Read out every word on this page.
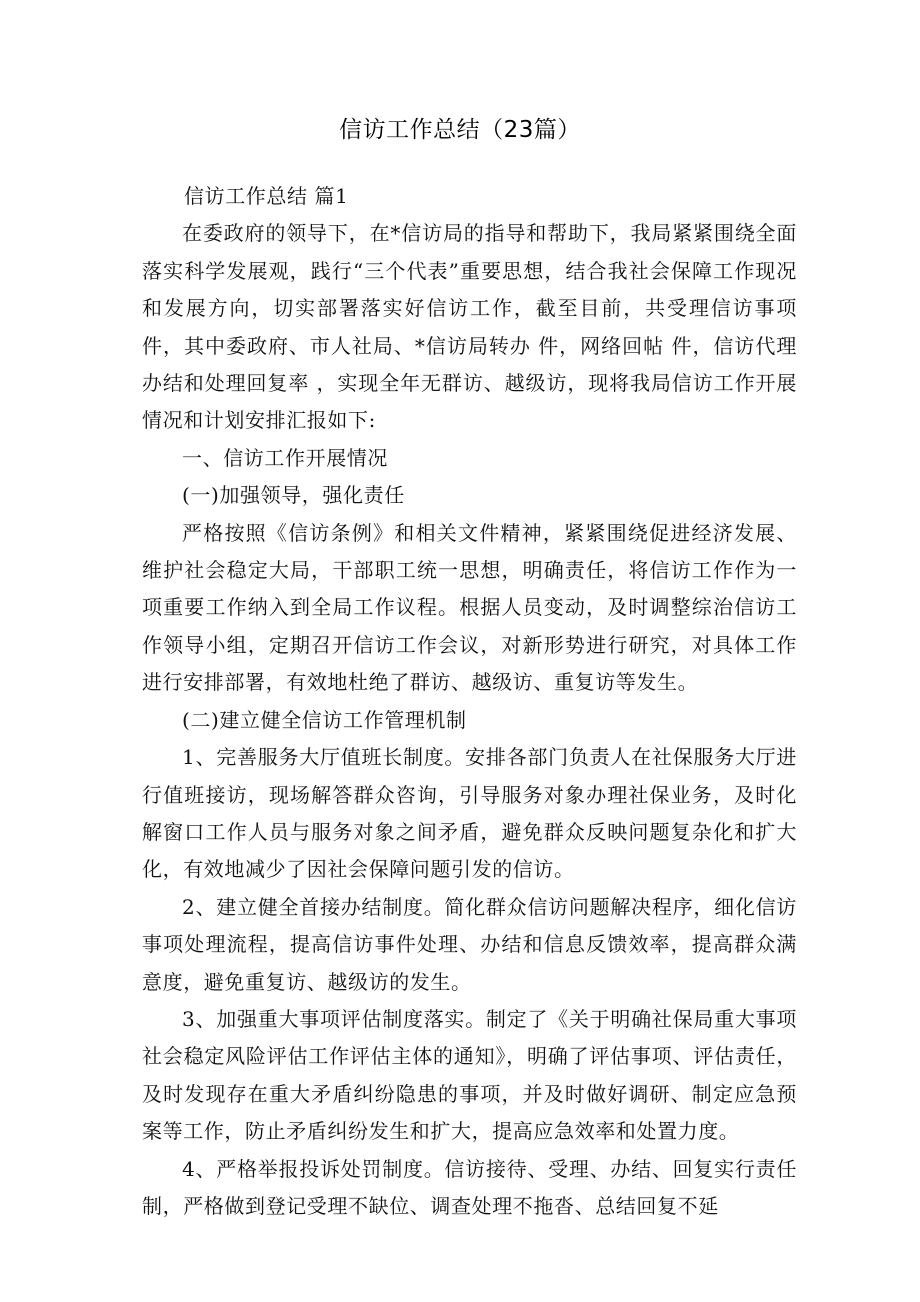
信访工作总结（23篇）

信访工作总结 篇1

在委政府的领导下，在*信访局的指导和帮助下，我局紧紧围绕全面落实科学发展观，践行“三个代表”重要思想，结合我社会保障工作现况和发展方向，切实部署落实好信访工作，截至目前，共受理信访事项 件，其中委政府、市人社局、*信访局转办 件，网络回帖 件，信访代理办结和处理回复率 ，实现全年无群访、越级访，现将我局信访工作开展情况和计划安排汇报如下:

一、信访工作开展情况

(一)加强领导，强化责任

严格按照《信访条例》和相关文件精神，紧紧围绕促进经济发展、维护社会稳定大局，干部职工统一思想，明确责任，将信访工作作为一项重要工作纳入到全局工作议程。根据人员变动，及时调整综治信访工作领导小组，定期召开信访工作会议，对新形势进行研究，对具体工作进行安排部署，有效地杜绝了群访、越级访、重复访等发生。

(二)建立健全信访工作管理机制

1、完善服务大厅值班长制度。安排各部门负责人在社保服务大厅进行值班接访，现场解答群众咨询，引导服务对象办理社保业务，及时化解窗口工作人员与服务对象之间矛盾，避免群众反映问题复杂化和扩大化，有效地减少了因社会保障问题引发的信访。

2、建立健全首接办结制度。简化群众信访问题解决程序，细化信访事项处理流程，提高信访事件处理、办结和信息反馈效率，提高群众满意度，避免重复访、越级访的发生。

3、加强重大事项评估制度落实。制定了《关于明确社保局重大事项社会稳定风险评估工作评估主体的通知》，明确了评估事项、评估责任，及时发现存在重大矛盾纠纷隐患的事项，并及时做好调研、制定应急预案等工作，防止矛盾纠纷发生和扩大，提高应急效率和处置力度。

4、严格举报投诉处罚制度。信访接待、受理、办结、回复实行责任制，严格做到登记受理不缺位、调查处理不拖沓、总结回复不延
